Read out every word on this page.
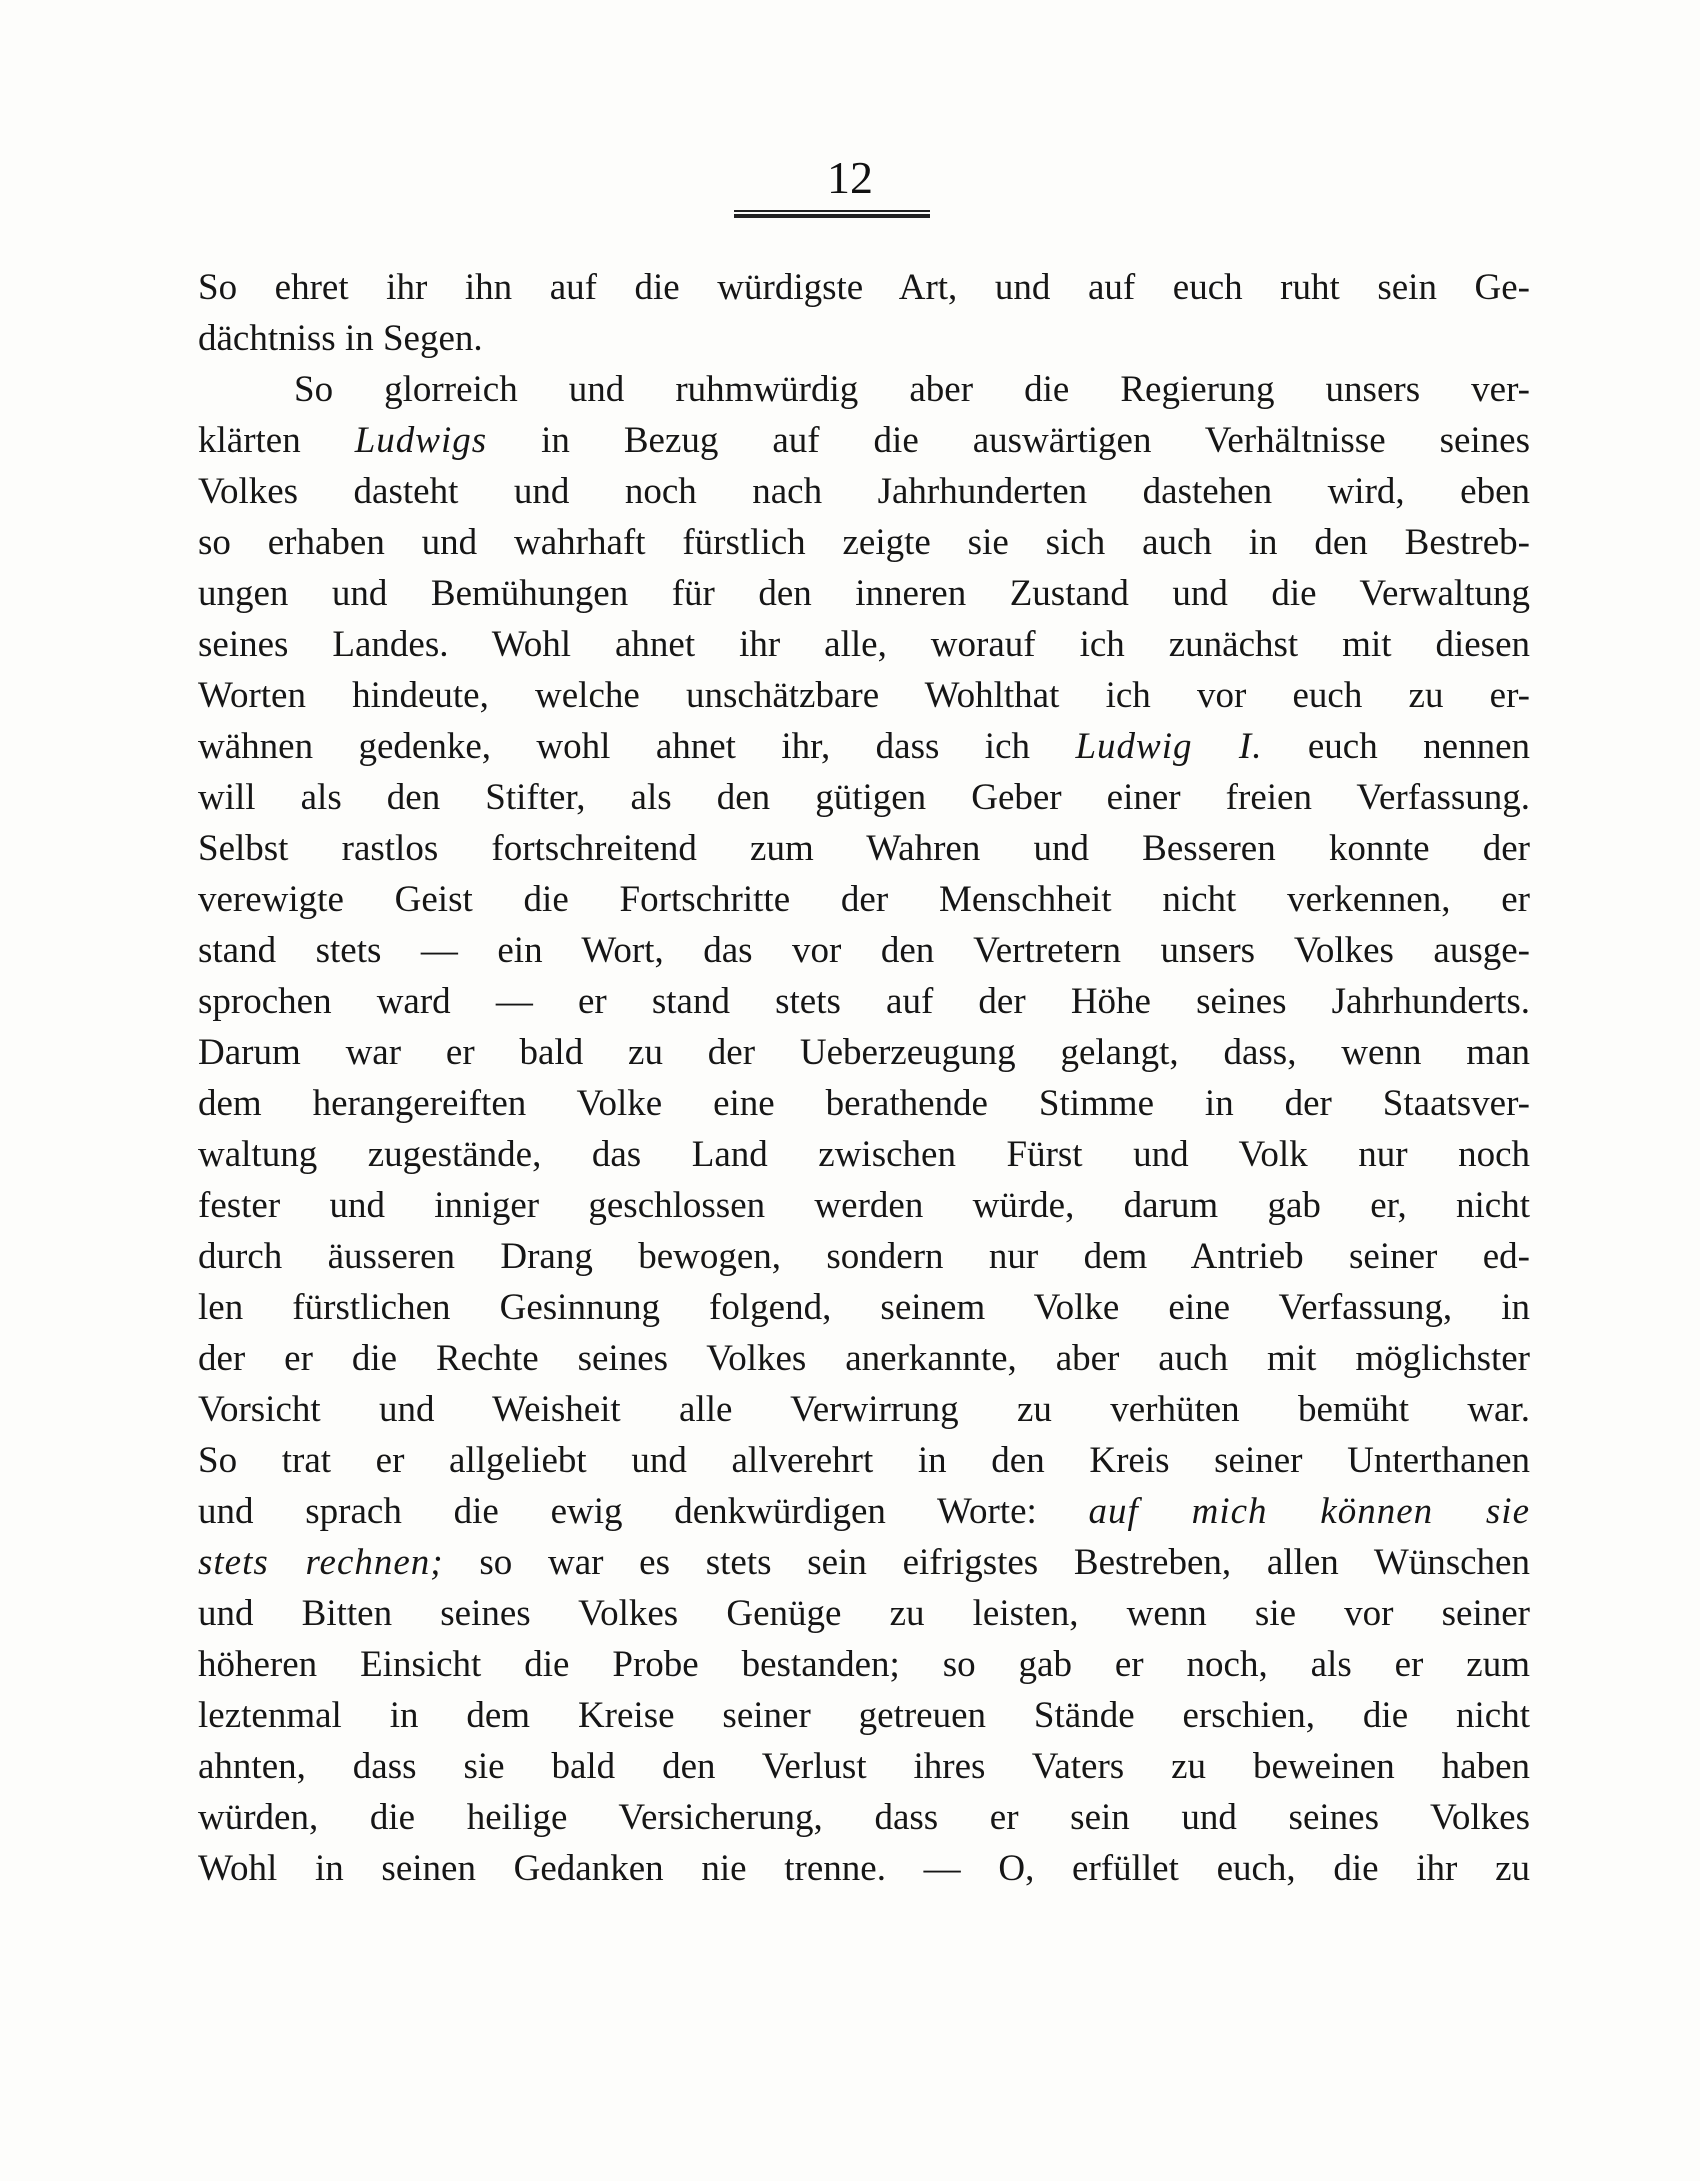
12
So ehret ihr ihn auf die würdigste Art, und auf euch ruht sein Ge-
dächtniss in Segen.
So glorreich und ruhmwürdig aber die Regierung unsers ver-
klärten Ludwigs in Bezug auf die auswärtigen Verhältnisse seines
Volkes dasteht und noch nach Jahrhunderten dastehen wird, eben
so erhaben und wahrhaft fürstlich zeigte sie sich auch in den Bestreb-
ungen und Bemühungen für den inneren Zustand und die Verwaltung
seines Landes. Wohl ahnet ihr alle, worauf ich zunächst mit diesen
Worten hindeute, welche unschätzbare Wohlthat ich vor euch zu er-
wähnen gedenke, wohl ahnet ihr, dass ich Ludwig I. euch nennen
will als den Stifter, als den gütigen Geber einer freien Verfassung.
Selbst rastlos fortschreitend zum Wahren und Besseren konnte der
verewigte Geist die Fortschritte der Menschheit nicht verkennen, er
stand stets — ein Wort, das vor den Vertretern unsers Volkes ausge-
sprochen ward — er stand stets auf der Höhe seines Jahrhunderts.
Darum war er bald zu der Ueberzeugung gelangt, dass, wenn man
dem herangereiften Volke eine berathende Stimme in der Staatsver-
waltung zugestände, das Land zwischen Fürst und Volk nur noch
fester und inniger geschlossen werden würde, darum gab er, nicht
durch äusseren Drang bewogen, sondern nur dem Antrieb seiner ed-
len fürstlichen Gesinnung folgend, seinem Volke eine Verfassung, in
der er die Rechte seines Volkes anerkannte, aber auch mit möglichster
Vorsicht und Weisheit alle Verwirrung zu verhüten bemüht war.
So trat er allgeliebt und allverehrt in den Kreis seiner Unterthanen
und sprach die ewig denkwürdigen Worte: auf mich können sie
stets rechnen; so war es stets sein eifrigstes Bestreben, allen Wünschen
und Bitten seines Volkes Genüge zu leisten, wenn sie vor seiner
höheren Einsicht die Probe bestanden; so gab er noch, als er zum
leztenmal in dem Kreise seiner getreuen Stände erschien, die nicht
ahnten, dass sie bald den Verlust ihres Vaters zu beweinen haben
würden, die heilige Versicherung, dass er sein und seines Volkes
Wohl in seinen Gedanken nie trenne. — O, erfüllet euch, die ihr zu
